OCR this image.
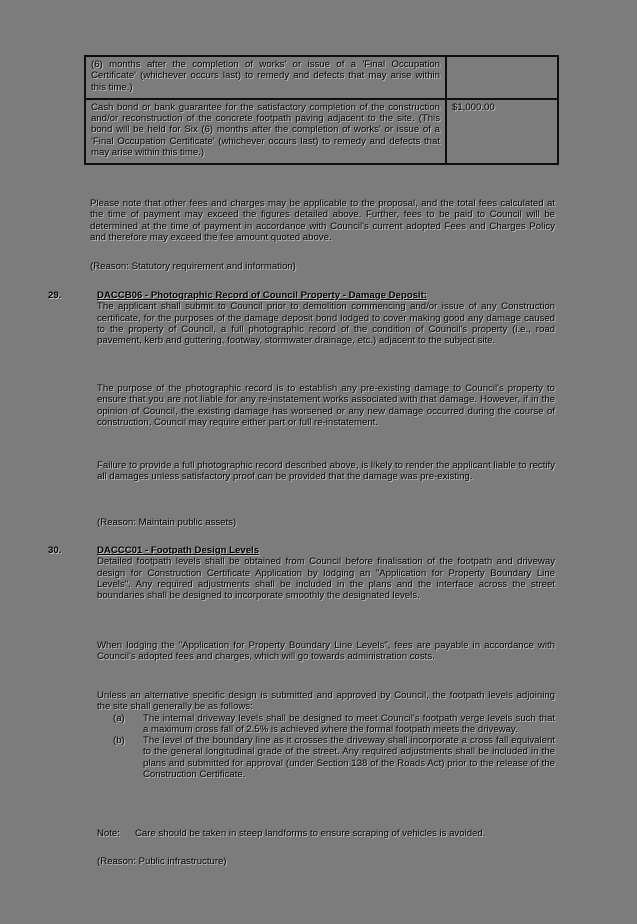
(6) months after the completion of works' or issue of a 'Final Occupation Certificate' (whichever occurs last) to remedy and defects that may arise within this time.)	
Cash bond or bank guarantee for the satisfactory completion of the construction and/or reconstruction of the concrete footpath paving adjacent to the site. (This bond will be held for Six (6) months after the completion of works' or issue of a 'Final Occupation Certificate' (whichever occurs last) to remedy and defects that may arise within this time.)	$1,000.00

Please note that other fees and charges may be applicable to the proposal, and the total fees calculated at the time of payment may exceed the figures detailed above. Further, fees to be paid to Council will be determined at the time of payment in accordance with Council's current adopted Fees and Charges Policy and therefore may exceed the fee amount quoted above.

(Reason: Statutory requirement and information)

29.	DACCB06 - Photographic Record of Council Property - Damage Deposit:

The applicant shall submit to Council prior to demolition commencing and/or issue of any Construction certificate, for the purposes of the damage deposit bond lodged to cover making good any damage caused to the property of Council, a full photographic record of the condition of Council's property (i.e., road pavement, kerb and guttering, footway, stormwater drainage, etc.) adjacent to the subject site.

The purpose of the photographic record is to establish any pre-existing damage to Council's property to ensure that you are not liable for any re-instatement works associated with that damage. However, if in the opinion of Council, the existing damage has worsened or any new damage occurred during the course of construction, Council may require either part or full re-instatement.

Failure to provide a full photographic record described above, is likely to render the applicant liable to rectify all damages unless satisfactory proof can be provided that the damage was pre-existing.

(Reason: Maintain public assets)

30.	DACCC01 - Footpath Design Levels

Detailed footpath levels shall be obtained from Council before finalisation of the footpath and driveway design for Construction Certificate Application by lodging an "Application for Property Boundary Line Levels". Any required adjustments shall be included in the plans and the interface across the street boundaries shall be designed to incorporate smoothly the designated levels.

When lodging the "Application for Property Boundary Line Levels", fees are payable in accordance with Council's adopted fees and charges, which will go towards administration costs.

Unless an alternative specific design is submitted and approved by Council, the footpath levels adjoining the site shall generally be as follows:

(a) The internal driveway levels shall be designed to meet Council's footpath verge levels such that a maximum cross fall of 2.5% is achieved where the formal footpath meets the driveway.
(b) The level of the boundary line as it crosses the driveway shall incorporate a cross fall equivalent to the general longitudinal grade of the street. Any required adjustments shall be included in the plans and submitted for approval (under Section 138 of the Roads Act) prior to the release of the Construction Certificate.
Note: Care should be taken in steep landforms to ensure scraping of vehicles is avoided.

(Reason: Public infrastructure)
